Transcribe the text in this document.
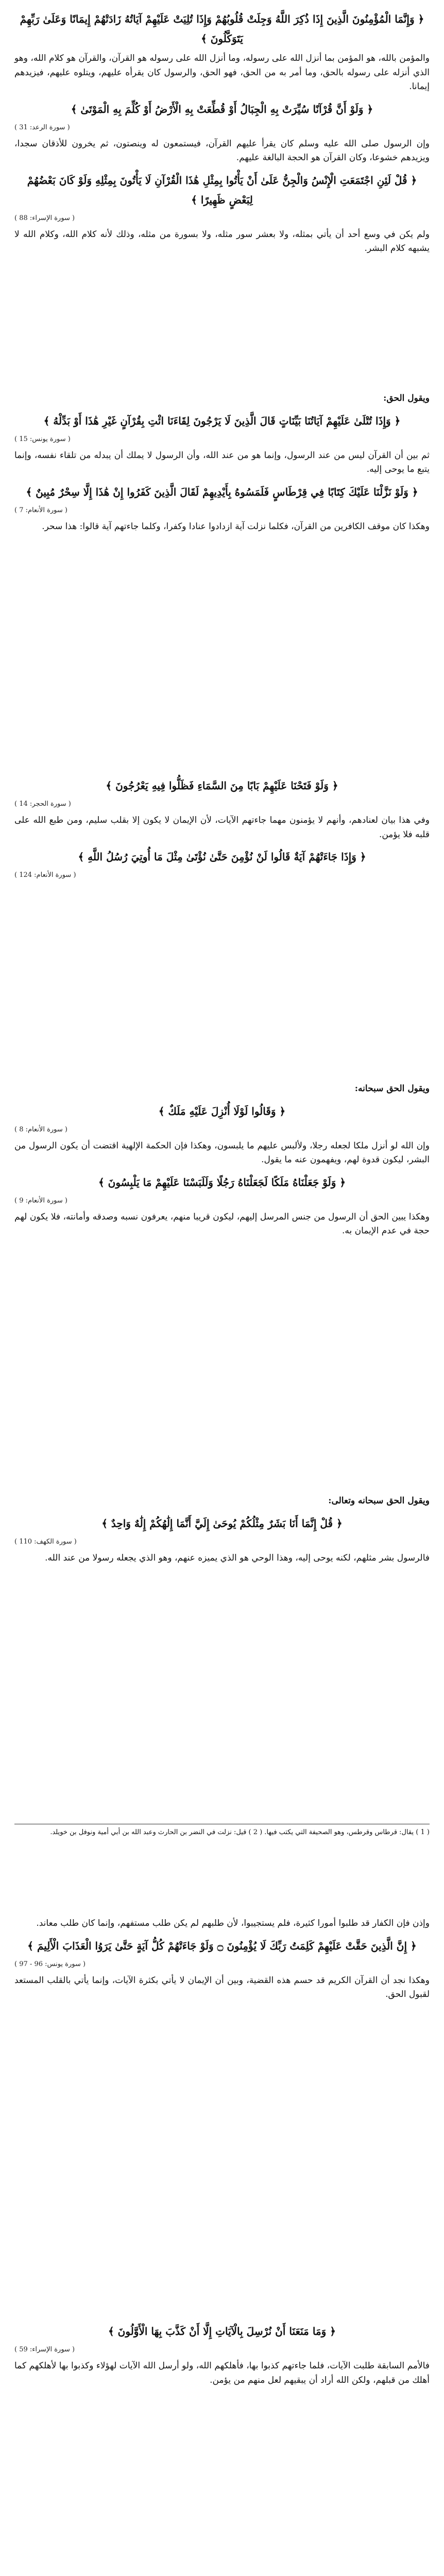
﴿ وَإِنَّمَا الْمُؤْمِنُونَ الَّذِينَ إِذَا ذُكِرَ اللَّهُ وَجِلَتْ قُلُوبُهُمْ وَإِذَا تُلِيَتْ عَلَيْهِمْ آيَاتُهُ زَادَتْهُمْ إِيمَانًا وَعَلَىٰ رَبِّهِمْ يَتَوَكَّلُونَ ﴾
والمؤمن بالله، هو المؤمن بما أنزل الله على رسوله، وما أنزل الله على رسوله هو القرآن، والقرآن هو كلام الله، وهو الذي أنزله على رسوله بالحق، وما أمر به من الحق، فهو الحق، والرسول كان يقرأه عليهم، ويتلوه عليهم، فيزيدهم إيمانا.
﴿ وَلَوْ أَنَّ قُرْآنًا سُيِّرَتْ بِهِ الْجِبَالُ أَوْ قُطِّعَتْ بِهِ الْأَرْضُ أَوْ كُلِّمَ بِهِ الْمَوْتَىٰ ﴾
( سورة الرعد: 31 )
وإن الرسول صلى الله عليه وسلم كان يقرأ عليهم القرآن، فيستمعون له وينصتون، ثم يخرون للأذقان سجدا، ويزيدهم خشوعا، وكان القرآن هو الحجة البالغة عليهم.
﴿ قُلْ لَئِنِ اجْتَمَعَتِ الْإِنْسُ وَالْجِنُّ عَلَىٰ أَنْ يَأْتُوا بِمِثْلِ هَٰذَا الْقُرْآنِ لَا يَأْتُونَ بِمِثْلِهِ وَلَوْ كَانَ بَعْضُهُمْ لِبَعْضٍ ظَهِيرًا ﴾
( سورة الإسراء: 88 )
ولم يكن في وسع أحد أن يأتي بمثله، ولا بعشر سور مثله، ولا بسورة من مثله، وذلك لأنه كلام الله، وكلام الله لا يشبهه كلام البشر.
ويقول الحق:
﴿ وَإِذَا تُتْلَىٰ عَلَيْهِمْ آيَاتُنَا بَيِّنَاتٍ قَالَ الَّذِينَ لَا يَرْجُونَ لِقَاءَنَا ائْتِ بِقُرْآنٍ غَيْرِ هَٰذَا أَوْ بَدِّلْهُ ﴾
( سورة يونس: 15 )
ثم بين أن القرآن ليس من عند الرسول، وإنما هو من عند الله، وأن الرسول لا يملك أن يبدله من تلقاء نفسه، وإنما يتبع ما يوحى إليه.
﴿ وَلَوْ نَزَّلْنَا عَلَيْكَ كِتَابًا فِي قِرْطَاسٍ فَلَمَسُوهُ بِأَيْدِيهِمْ لَقَالَ الَّذِينَ كَفَرُوا إِنْ هَٰذَا إِلَّا سِحْرٌ مُبِينٌ ﴾
( سورة الأنعام: 7 )
وهكذا كان موقف الكافرين من القرآن، فكلما نزلت آية ازدادوا عنادا وكفرا، وكلما جاءتهم آية قالوا: هذا سحر.
﴿ وَلَوْ فَتَحْنَا عَلَيْهِمْ بَابًا مِنَ السَّمَاءِ فَظَلُّوا فِيهِ يَعْرُجُونَ ﴾
( سورة الحجر: 14 )
وفي هذا بيان لعنادهم، وأنهم لا يؤمنون مهما جاءتهم الآيات، لأن الإيمان لا يكون إلا بقلب سليم، ومن طبع الله على قلبه فلا يؤمن.
﴿ وَإِذَا جَاءَتْهُمْ آيَةٌ قَالُوا لَنْ نُؤْمِنَ حَتَّىٰ نُؤْتَىٰ مِثْلَ مَا أُوتِيَ رُسُلُ اللَّهِ ﴾
( سورة الأنعام: 124 )
ويقول الحق سبحانه:
﴿ وَقَالُوا لَوْلَا أُنْزِلَ عَلَيْهِ مَلَكٌ ﴾
( سورة الأنعام: 8 )
وإن الله لو أنزل ملكا لجعله رجلا، ولألبس عليهم ما يلبسون، وهكذا فإن الحكمة الإلهية اقتضت أن يكون الرسول من البشر، ليكون قدوة لهم، ويفهمون عنه ما يقول.
﴿ وَلَوْ جَعَلْنَاهُ مَلَكًا لَجَعَلْنَاهُ رَجُلًا وَلَلَبَسْنَا عَلَيْهِمْ مَا يَلْبِسُونَ ﴾
( سورة الأنعام: 9 )
وهكذا يبين الحق أن الرسول من جنس المرسل إليهم، ليكون قريبا منهم، يعرفون نسبه وصدقه وأمانته، فلا يكون لهم حجة في عدم الإيمان به.
ويقول الحق سبحانه وتعالى:
﴿ قُلْ إِنَّمَا أَنَا بَشَرٌ مِثْلُكُمْ يُوحَىٰ إِلَيَّ أَنَّمَا إِلَٰهُكُمْ إِلَٰهٌ وَاحِدٌ ﴾
( سورة الكهف: 110 )
فالرسول بشر مثلهم، لكنه يوحى إليه، وهذا الوحي هو الذي يميزه عنهم، وهو الذي يجعله رسولا من عند الله.
( 1 ) يقال: قرطاس وقرطس، وهو الصحيفة التي يكتب فيها. ( 2 ) قيل: نزلت في النضر بن الحارث وعبد الله بن أبي أمية ونوفل بن خويلد.
وإذن فإن الكفار قد طلبوا أمورا كثيرة، فلم يستجيبوا، لأن طلبهم لم يكن طلب مستفهم، وإنما كان طلب معاند.
﴿ إِنَّ الَّذِينَ حَقَّتْ عَلَيْهِمْ كَلِمَتُ رَبِّكَ لَا يُؤْمِنُونَ ۝ وَلَوْ جَاءَتْهُمْ كُلُّ آيَةٍ حَتَّىٰ يَرَوُا الْعَذَابَ الْأَلِيمَ ﴾
( سورة يونس: 96 - 97 )
وهكذا نجد أن القرآن الكريم قد حسم هذه القضية، وبين أن الإيمان لا يأتي بكثرة الآيات، وإنما يأتي بالقلب المستعد لقبول الحق.
﴿ وَمَا مَنَعَنَا أَنْ نُرْسِلَ بِالْآيَاتِ إِلَّا أَنْ كَذَّبَ بِهَا الْأَوَّلُونَ ﴾
( سورة الإسراء: 59 )
فالأمم السابقة طلبت الآيات، فلما جاءتهم كذبوا بها، فأهلكهم الله، ولو أرسل الله الآيات لهؤلاء وكذبوا بها لأهلكهم كما أهلك من قبلهم، ولكن الله أراد أن يبقيهم لعل منهم من يؤمن.
